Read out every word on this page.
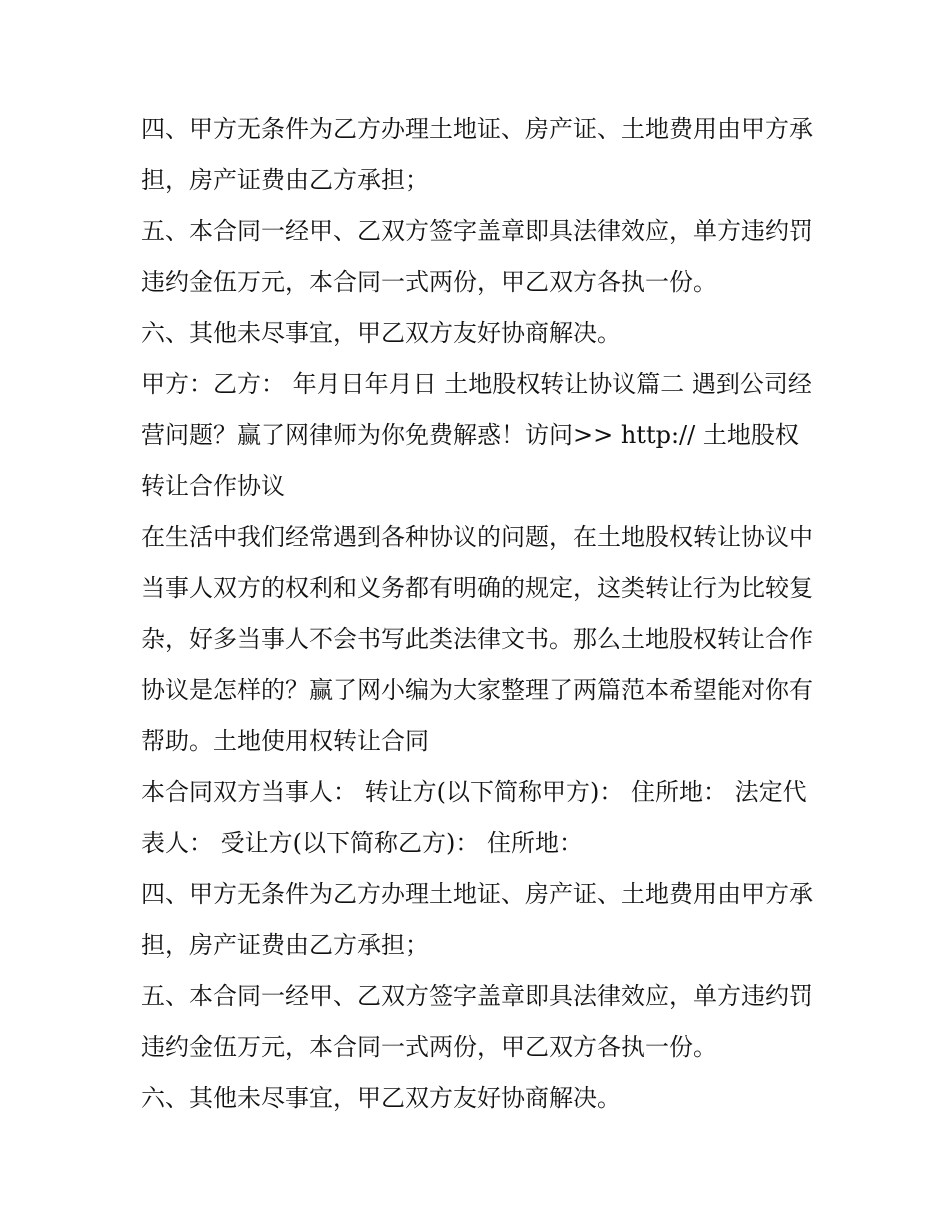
四、甲方无条件为乙方办理土地证、房产证、土地费用由甲方承担，房产证费由乙方承担；

五、本合同一经甲、乙双方签字盖章即具法律效应，单方违约罚违约金伍万元，本合同一式两份，甲乙双方各执一份。

六、其他未尽事宜，甲乙双方友好协商解决。

甲方：乙方： 年月日年月日 土地股权转让协议篇二 遇到公司经营问题？赢了网律师为你免费解惑！访问>> http:// 土地股权转让合作协议

在生活中我们经常遇到各种协议的问题，在土地股权转让协议中当事人双方的权利和义务都有明确的规定，这类转让行为比较复杂，好多当事人不会书写此类法律文书。那么土地股权转让合作协议是怎样的？赢了网小编为大家整理了两篇范本希望能对你有帮助。土地使用权转让合同

本合同双方当事人： 转让方(以下简称甲方)： 住所地： 法定代表人： 受让方(以下简称乙方)： 住所地：

四、甲方无条件为乙方办理土地证、房产证、土地费用由甲方承担，房产证费由乙方承担；

五、本合同一经甲、乙双方签字盖章即具法律效应，单方违约罚违约金伍万元，本合同一式两份，甲乙双方各执一份。

六、其他未尽事宜，甲乙双方友好协商解决。
